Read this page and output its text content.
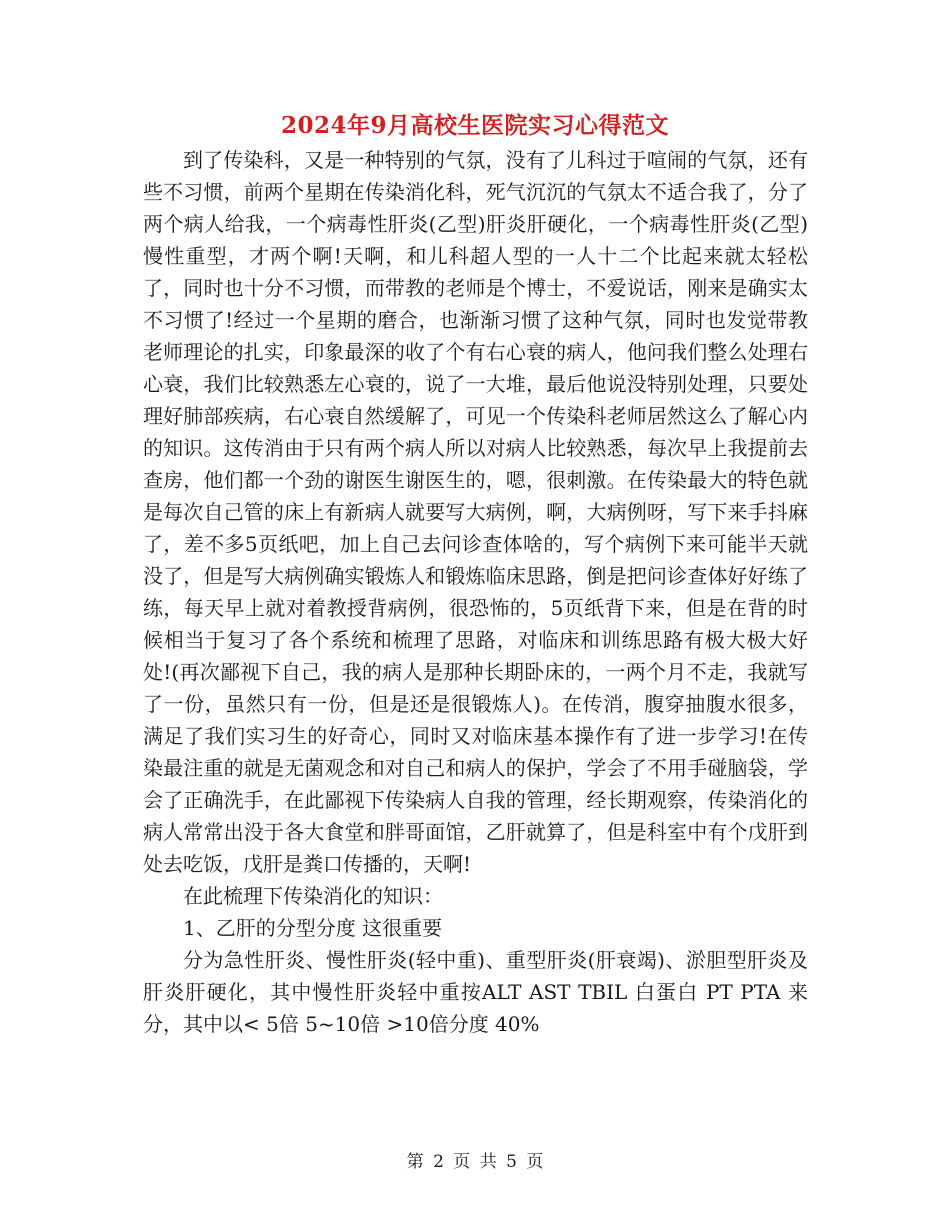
2024年9月高校生医院实习心得范文

到了传染科，又是一种特别的气氛，没有了儿科过于喧闹的气氛，还有些不习惯，前两个星期在传染消化科，死气沉沉的气氛太不适合我了，分了两个病人给我，一个病毒性肝炎(乙型)肝炎肝硬化，一个病毒性肝炎(乙型)慢性重型，才两个啊!天啊，和儿科超人型的一人十二个比起来就太轻松了，同时也十分不习惯，而带教的老师是个博士，不爱说话，刚来是确实太不习惯了!经过一个星期的磨合，也渐渐习惯了这种气氛，同时也发觉带教老师理论的扎实，印象最深的收了个有右心衰的病人，他问我们整么处理右心衰，我们比较熟悉左心衰的，说了一大堆，最后他说没特别处理，只要处理好肺部疾病，右心衰自然缓解了，可见一个传染科老师居然这么了解心内的知识。这传消由于只有两个病人所以对病人比较熟悉，每次早上我提前去查房，他们都一个劲的谢医生谢医生的，嗯，很刺激。在传染最大的特色就是每次自己管的床上有新病人就要写大病例，啊，大病例呀，写下来手抖麻了，差不多5页纸吧，加上自己去问诊查体啥的，写个病例下来可能半天就没了，但是写大病例确实锻炼人和锻炼临床思路，倒是把问诊查体好好练了练，每天早上就对着教授背病例，很恐怖的，5页纸背下来，但是在背的时候相当于复习了各个系统和梳理了思路，对临床和训练思路有极大极大好处!(再次鄙视下自己，我的病人是那种长期卧床的，一两个月不走，我就写了一份，虽然只有一份，但是还是很锻炼人)。在传消，腹穿抽腹水很多，满足了我们实习生的好奇心，同时又对临床基本操作有了进一步学习!在传染最注重的就是无菌观念和对自己和病人的保护，学会了不用手碰脑袋，学会了正确洗手，在此鄙视下传染病人自我的管理，经长期观察，传染消化的病人常常出没于各大食堂和胖哥面馆，乙肝就算了，但是科室中有个戊肝到处去吃饭，戊肝是粪口传播的，天啊!

在此梳理下传染消化的知识：

1、乙肝的分型分度 这很重要

分为急性肝炎、慢性肝炎(轻中重)、重型肝炎(肝衰竭)、淤胆型肝炎及肝炎肝硬化，其中慢性肝炎轻中重按ALT AST TBIL 白蛋白 PT PTA 来分，其中以< 5倍 5~10倍 >10倍分度 40%

第 2 页 共 5 页
